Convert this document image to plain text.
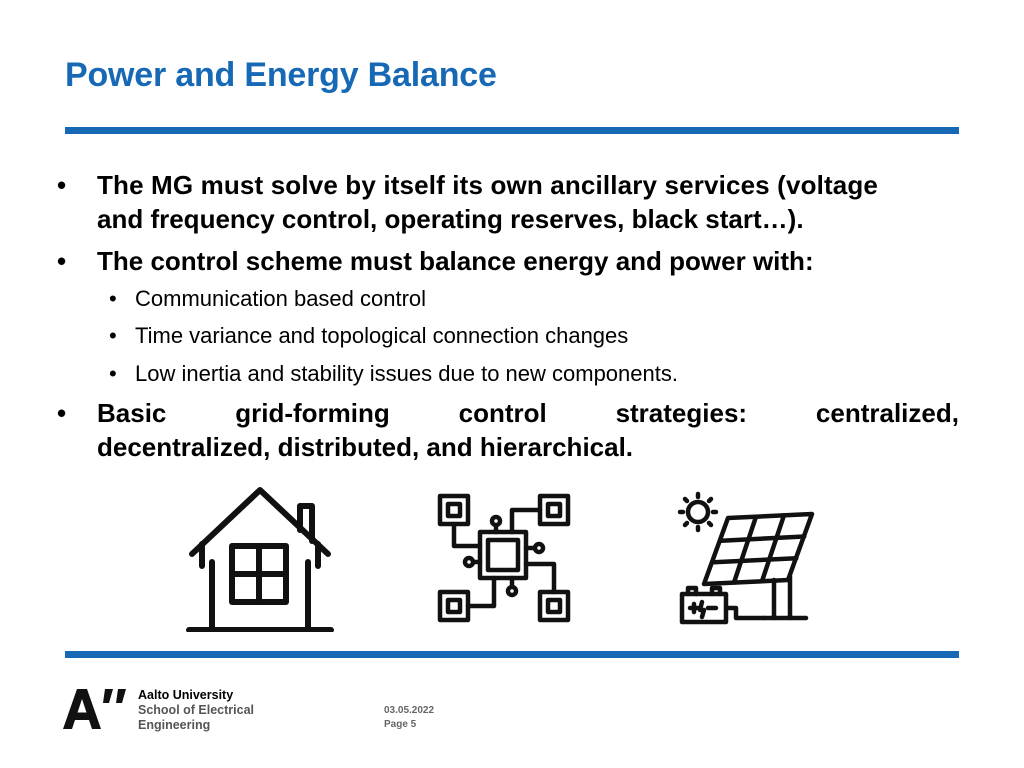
Power and Energy Balance
• The MG must solve by itself its own ancillary services (voltage
and frequency control, operating reserves, black start…).
• The control scheme must balance energy and power with:
• Communication based control
• Time variance and topological connection changes
• Low inertia and stability issues due to new components.
• Basic	grid-forming	control	strategies:	centralized,
decentralized, distributed, and hierarchical.
Aalto University
School of Electrical
Engineering
03.05.2022
Page 5
